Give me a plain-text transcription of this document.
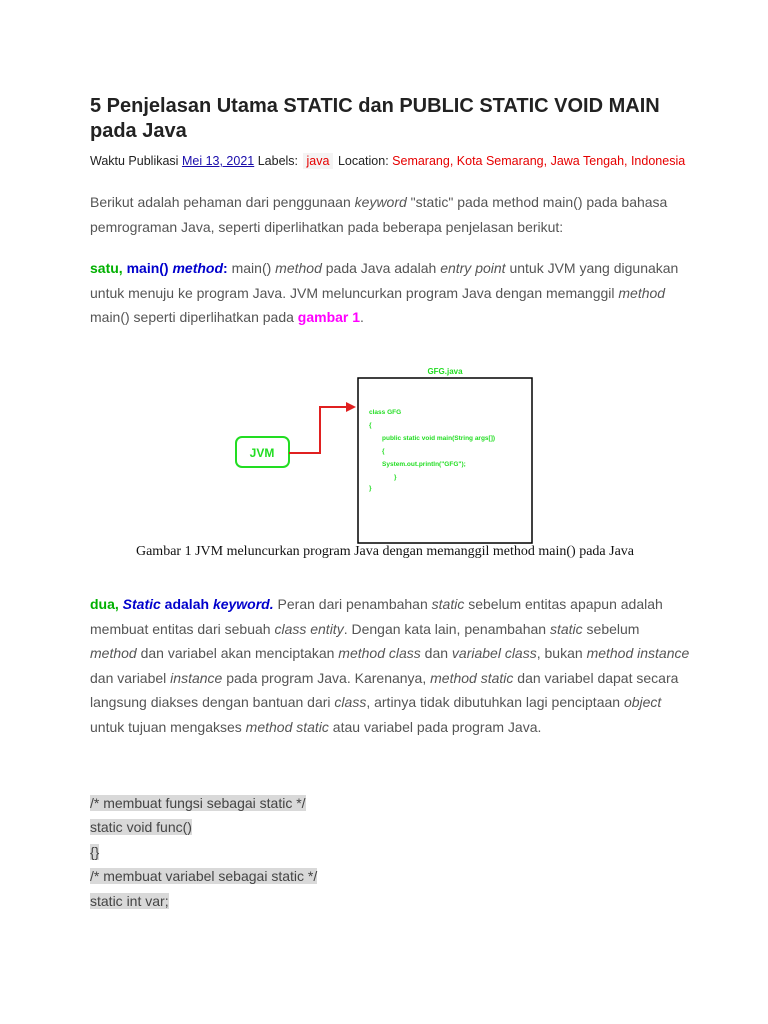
5 Penjelasan Utama STATIC dan PUBLIC STATIC VOID MAIN pada Java
Waktu Publikasi Mei 13, 2021 Labels: java Location: Semarang, Kota Semarang, Jawa Tengah, Indonesia
Berikut adalah pehaman dari penggunaan keyword "static" pada method main() pada bahasa pemrograman Java, seperti diperlihatkan pada beberapa penjelasan berikut:
satu, main() method: main() method pada Java adalah entry point untuk JVM yang digunakan untuk menuju ke program Java. JVM meluncurkan program Java dengan memanggil method main() seperti diperlihatkan pada gambar 1.
GFG.java
JVM
class GFG
{
public static void main(String args[])
{
System.out.println("GFG");
}
}
Gambar 1 JVM meluncurkan program Java dengan memanggil method main() pada Java
dua, Static adalah keyword. Peran dari penambahan static sebelum entitas apapun adalah membuat entitas dari sebuah class entity. Dengan kata lain, penambahan static sebelum method dan variabel akan menciptakan method class dan variabel class, bukan method instance dan variabel instance pada program Java. Karenanya, method static dan variabel dapat secara langsung diakses dengan bantuan dari class, artinya tidak dibutuhkan lagi penciptaan object untuk tujuan mengakses method static atau variabel pada program Java.
/* membuat fungsi sebagai static */
static void func()
{}
/* membuat variabel sebagai static */
static int var;
